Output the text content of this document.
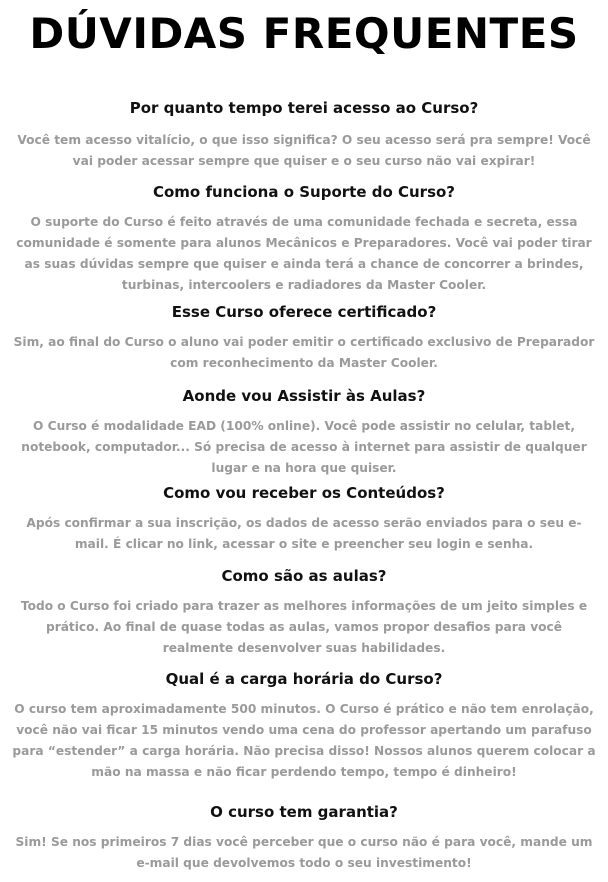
DÚVIDAS FREQUENTES
Por quanto tempo terei acesso ao Curso?

Você tem acesso vitalício, o que isso significa? O seu acesso será pra sempre! Você vai poder acessar sempre que quiser e o seu curso não vai expirar!

Como funciona o Suporte do Curso?

O suporte do Curso é feito através de uma comunidade fechada e secreta, essa comunidade é somente para alunos Mecânicos e Preparadores. Você vai poder tirar as suas dúvidas sempre que quiser e ainda terá a chance de concorrer a brindes, turbinas, intercoolers e radiadores da Master Cooler.

Esse Curso oferece certificado?

Sim, ao final do Curso o aluno vai poder emitir o certificado exclusivo de Preparador com reconhecimento da Master Cooler.

Aonde vou Assistir às Aulas?

O Curso é modalidade EAD (100% online). Você pode assistir no celular, tablet, notebook, computador... Só precisa de acesso à internet para assistir de qualquer lugar e na hora que quiser.

Como vou receber os Conteúdos?

Após confirmar a sua inscrição, os dados de acesso serão enviados para o seu e-mail. É clicar no link, acessar o site e preencher seu login e senha.

Como são as aulas?

Todo o Curso foi criado para trazer as melhores informações de um jeito simples e prático. Ao final de quase todas as aulas, vamos propor desafios para você realmente desenvolver suas habilidades.

Qual é a carga horária do Curso?

O curso tem aproximadamente 500 minutos. O Curso é prático e não tem enrolação, você não vai ficar 15 minutos vendo uma cena do professor apertando um parafuso para “estender” a carga horária. Não precisa disso! Nossos alunos querem colocar a mão na massa e não ficar perdendo tempo, tempo é dinheiro!

O curso tem garantia?

Sim! Se nos primeiros 7 dias você perceber que o curso não é para você, mande um e-mail que devolvemos todo o seu investimento!
